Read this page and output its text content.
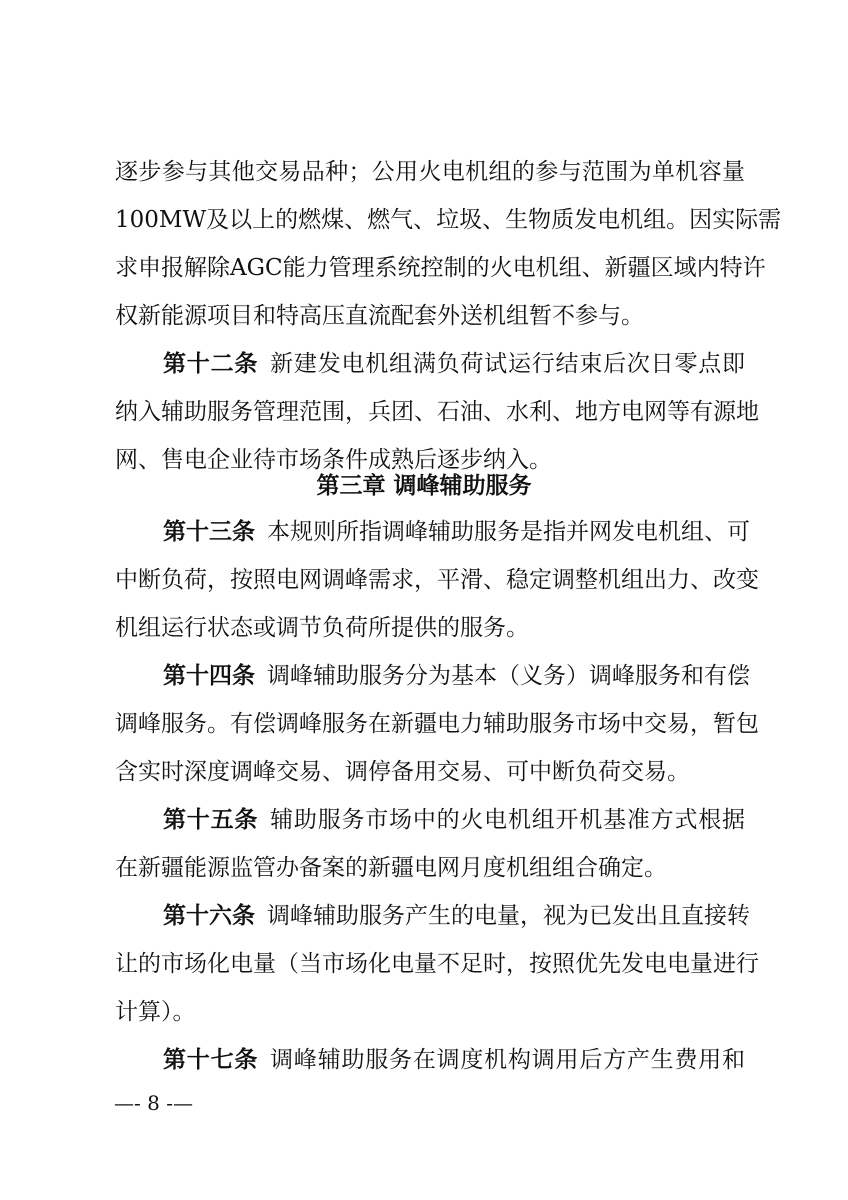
逐步参与其他交易品种；公用火电机组的参与范围为单机容量
100MW及以上的燃煤、燃气、垃圾、生物质发电机组。因实际需
求申报解除AGC能力管理系统控制的火电机组、新疆区域内特许
权新能源项目和特高压直流配套外送机组暂不参与。
第十二条 新建发电机组满负荷试运行结束后次日零点即
纳入辅助服务管理范围，兵团、石油、水利、地方电网等有源地
网、售电企业待市场条件成熟后逐步纳入。
第三章 调峰辅助服务
第十三条 本规则所指调峰辅助服务是指并网发电机组、可
中断负荷，按照电网调峰需求，平滑、稳定调整机组出力、改变
机组运行状态或调节负荷所提供的服务。
第十四条 调峰辅助服务分为基本（义务）调峰服务和有偿
调峰服务。有偿调峰服务在新疆电力辅助服务市场中交易，暂包
含实时深度调峰交易、调停备用交易、可中断负荷交易。
第十五条 辅助服务市场中的火电机组开机基准方式根据
在新疆能源监管办备案的新疆电网月度机组组合确定。
第十六条 调峰辅助服务产生的电量，视为已发出且直接转
让的市场化电量（当市场化电量不足时，按照优先发电电量进行
计算）。
第十七条 调峰辅助服务在调度机构调用后方产生费用和
—- 8 -—
